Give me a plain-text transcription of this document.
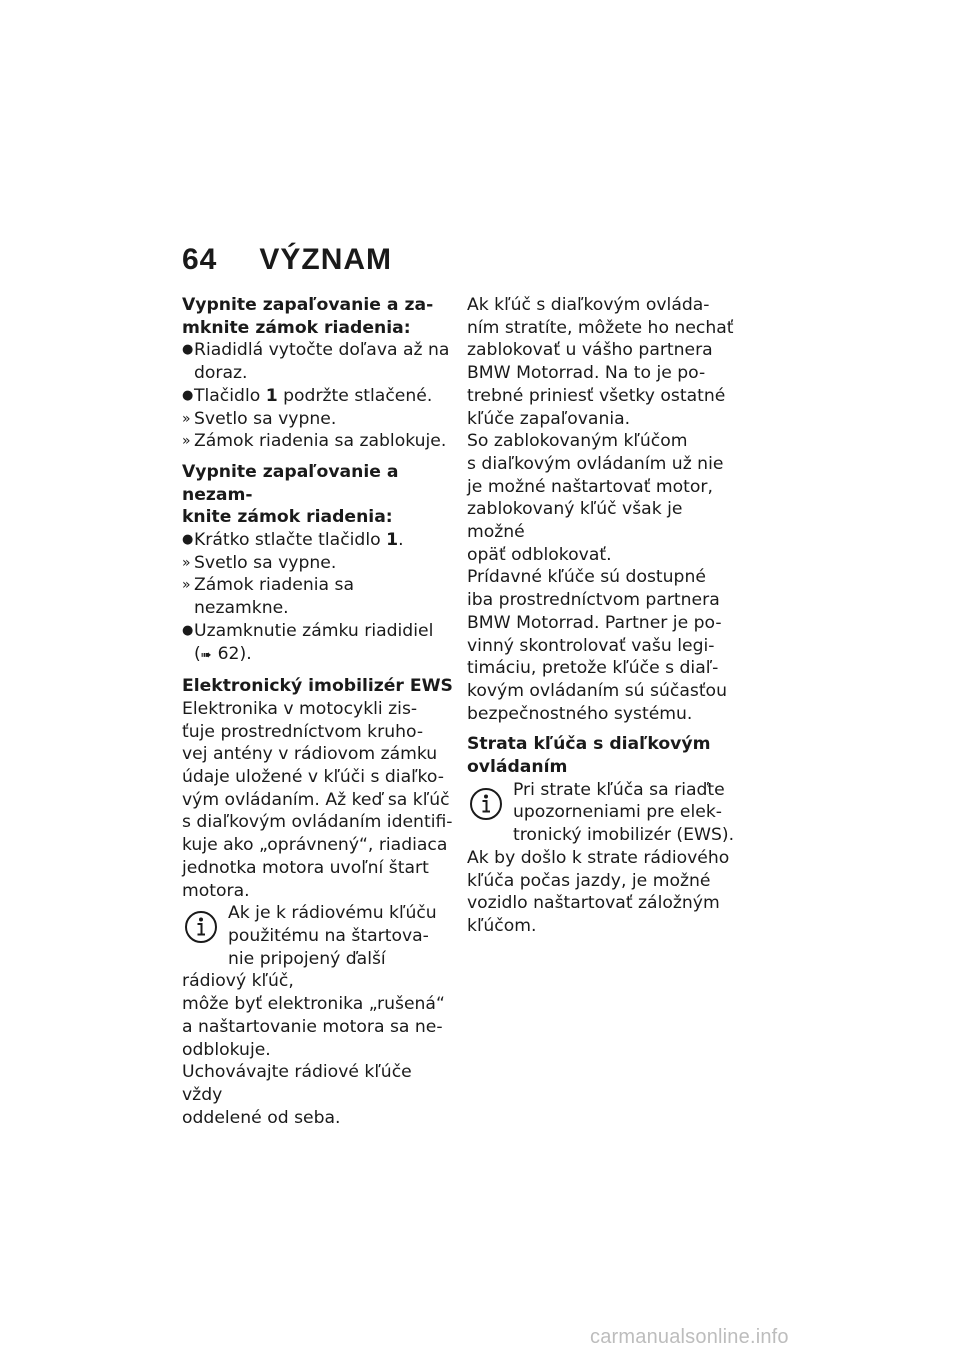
64 VÝZNAM

Vypnite zapaľovanie a za-
mknite zámok riadenia:

● Riadidlá vytočte doľava až na
doraz.
● Tlačidlo 1 podržte stlačené.
» Svetlo sa vypne.
» Zámok riadenia sa zablokuje.

Vypnite zapaľovanie a nezam-
knite zámok riadenia:

● Krátko stlačte tlačidlo 1.
» Svetlo sa vypne.
» Zámok riadenia sa nezamkne.
● Uzamknutie zámku riadidiel
(➠ 62).

Elektronický imobilizér EWS

Elektronika v motocykli zis-
ťuje prostredníctvom kruho-
vej antény v rádiovom zámku
údaje uložené v kľúči s diaľko-
vým ovládaním. Až keď sa kľúč
s diaľkovým ovládaním identifi-
kuje ako „oprávnený“, riadiaca
jednotka motora uvoľní štart
motora.

Ak je k rádiovému kľúču
použitému na štartova-
nie pripojený ďalší rádiový kľúč,
môže byť elektronika „rušená“
a naštartovanie motora sa ne-
odblokuje.

Uchovávajte rádiové kľúče vždy
oddelené od seba.

Ak kľúč s diaľkovým ovláda-
ním stratíte, môžete ho nechať
zablokovať u vášho partnera
BMW Motorrad. Na to je po-
trebné priniesť všetky ostatné
kľúče zapaľovania.

So zablokovaným kľúčom
s diaľkovým ovládaním už nie
je možné naštartovať motor,
zablokovaný kľúč však je možné
opäť odblokovať.

Prídavné kľúče sú dostupné
iba prostredníctvom partnera
BMW Motorrad. Partner je po-
vinný skontrolovať vašu legi-
timáciu, pretože kľúče s diaľ-
kovým ovládaním sú súčasťou
bezpečnostného systému.

Strata kľúča s diaľkovým
ovládaním

Pri strate kľúča sa riaďte
upozorneniami pre elek-
tronický imobilizér (EWS).

Ak by došlo k strate rádiového
kľúča počas jazdy, je možné
vozidlo naštartovať záložným
kľúčom.

carmanualsonline.info
